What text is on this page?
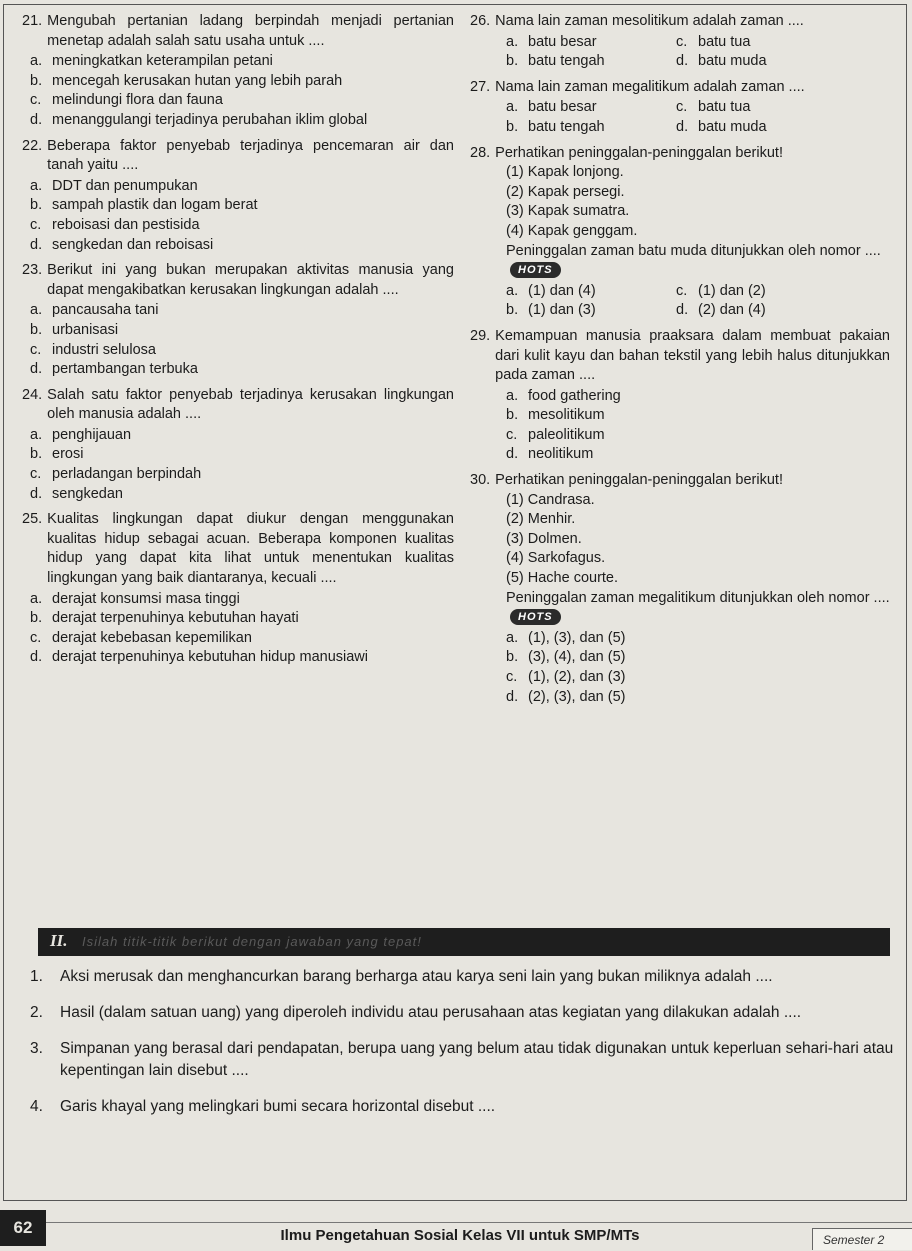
21. Mengubah pertanian ladang berpindah menjadi pertanian menetap adalah salah satu usaha untuk ....
a. meningkatkan keterampilan petani
b. mencegah kerusakan hutan yang lebih parah
c. melindungi flora dan fauna
d. menanggulangi terjadinya perubahan iklim global
22. Beberapa faktor penyebab terjadinya pencemaran air dan tanah yaitu ....
a. DDT dan penumpukan
b. sampah plastik dan logam berat
c. reboisasi dan pestisida
d. sengkedan dan reboisasi
23. Berikut ini yang bukan merupakan aktivitas manusia yang dapat mengakibatkan kerusakan lingkungan adalah ....
a. pancausaha tani
b. urbanisasi
c. industri selulosa
d. pertambangan terbuka
24. Salah satu faktor penyebab terjadinya kerusakan lingkungan oleh manusia adalah ....
a. penghijauan
b. erosi
c. perladangan berpindah
d. sengkedan
25. Kualitas lingkungan dapat diukur dengan menggunakan kualitas hidup sebagai acuan. Beberapa komponen kualitas hidup yang dapat kita lihat untuk menentukan kualitas lingkungan yang baik diantaranya, kecuali ....
a. derajat konsumsi masa tinggi
b. derajat terpenuhinya kebutuhan hayati
c. derajat kebebasan kepemilikan
d. derajat terpenuhinya kebutuhan hidup manusiawi
26. Nama lain zaman mesolitikum adalah zaman ....
a. batu besar	c. batu tua
b. batu tengah	d. batu muda
27. Nama lain zaman megalitikum adalah zaman ....
a. batu besar	c. batu tua
b. batu tengah	d. batu muda
28. Perhatikan peninggalan-peninggalan berikut!
(1) Kapak lonjong.
(2) Kapak persegi.
(3) Kapak sumatra.
(4) Kapak genggam.
Peninggalan zaman batu muda ditunjukkan oleh nomor ....HOTS
a. (1) dan (4)	c. (1) dan (2)
b. (1) dan (3)	d. (2) dan (4)
29. Kemampuan manusia praaksara dalam membuat pakaian dari kulit kayu dan bahan tekstil yang lebih halus ditunjukkan pada zaman ....
a. food gathering
b. mesolitikum
c. paleolitikum
d. neolitikum
30. Perhatikan peninggalan-peninggalan berikut!
(1) Candrasa.
(2) Menhir.
(3) Dolmen.
(4) Sarkofagus.
(5) Hache courte.
Peninggalan zaman megalitikum ditunjukkan oleh nomor ....HOTS
a. (1), (3), dan (5)
b. (3), (4), dan (5)
c. (1), (2), dan (3)
d. (2), (3), dan (5)
II. Isilah titik-titik berikut dengan jawaban yang tepat!
1.	Aksi merusak dan menghancurkan barang berharga atau karya seni lain yang bukan miliknya adalah ....
2.	Hasil (dalam satuan uang) yang diperoleh individu atau perusahaan atas kegiatan yang dilakukan adalah ....
3.	Simpanan yang berasal dari pendapatan, berupa uang yang belum atau tidak digunakan untuk keperluan sehari-hari atau kepentingan lain disebut ....
4.	Garis khayal yang melingkari bumi secara horizontal disebut ....
62	Ilmu Pengetahuan Sosial Kelas VII untuk SMP/MTs	Semester 2
